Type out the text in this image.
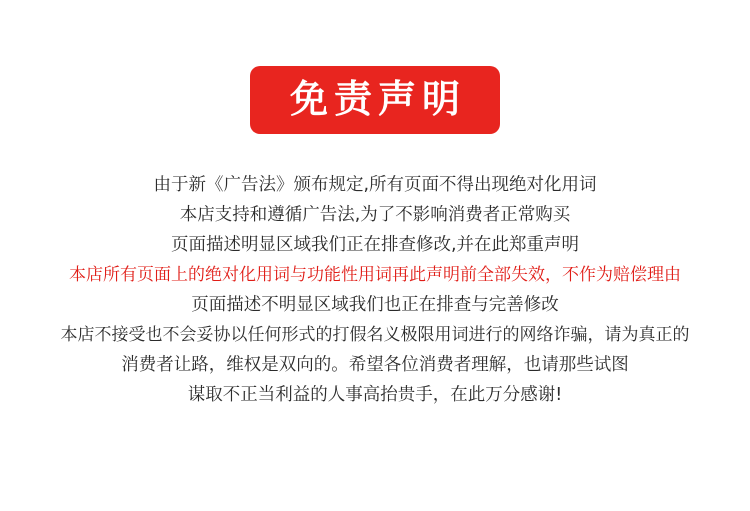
免责声明
由于新《广告法》颁布规定,所有页面不得出现绝对化用词
本店支持和遵循广告法,为了不影响消费者正常购买
页面描述明显区域我们正在排查修改,并在此郑重声明
本店所有页面上的绝对化用词与功能性用词再此声明前全部失效，不作为赔偿理由
页面描述不明显区域我们也正在排查与完善修改
本店不接受也不会妥协以任何形式的打假名义极限用词进行的网络诈骗，请为真正的
消费者让路，维权是双向的。希望各位消费者理解，也请那些试图
谋取不正当利益的人事高抬贵手，在此万分感谢!
